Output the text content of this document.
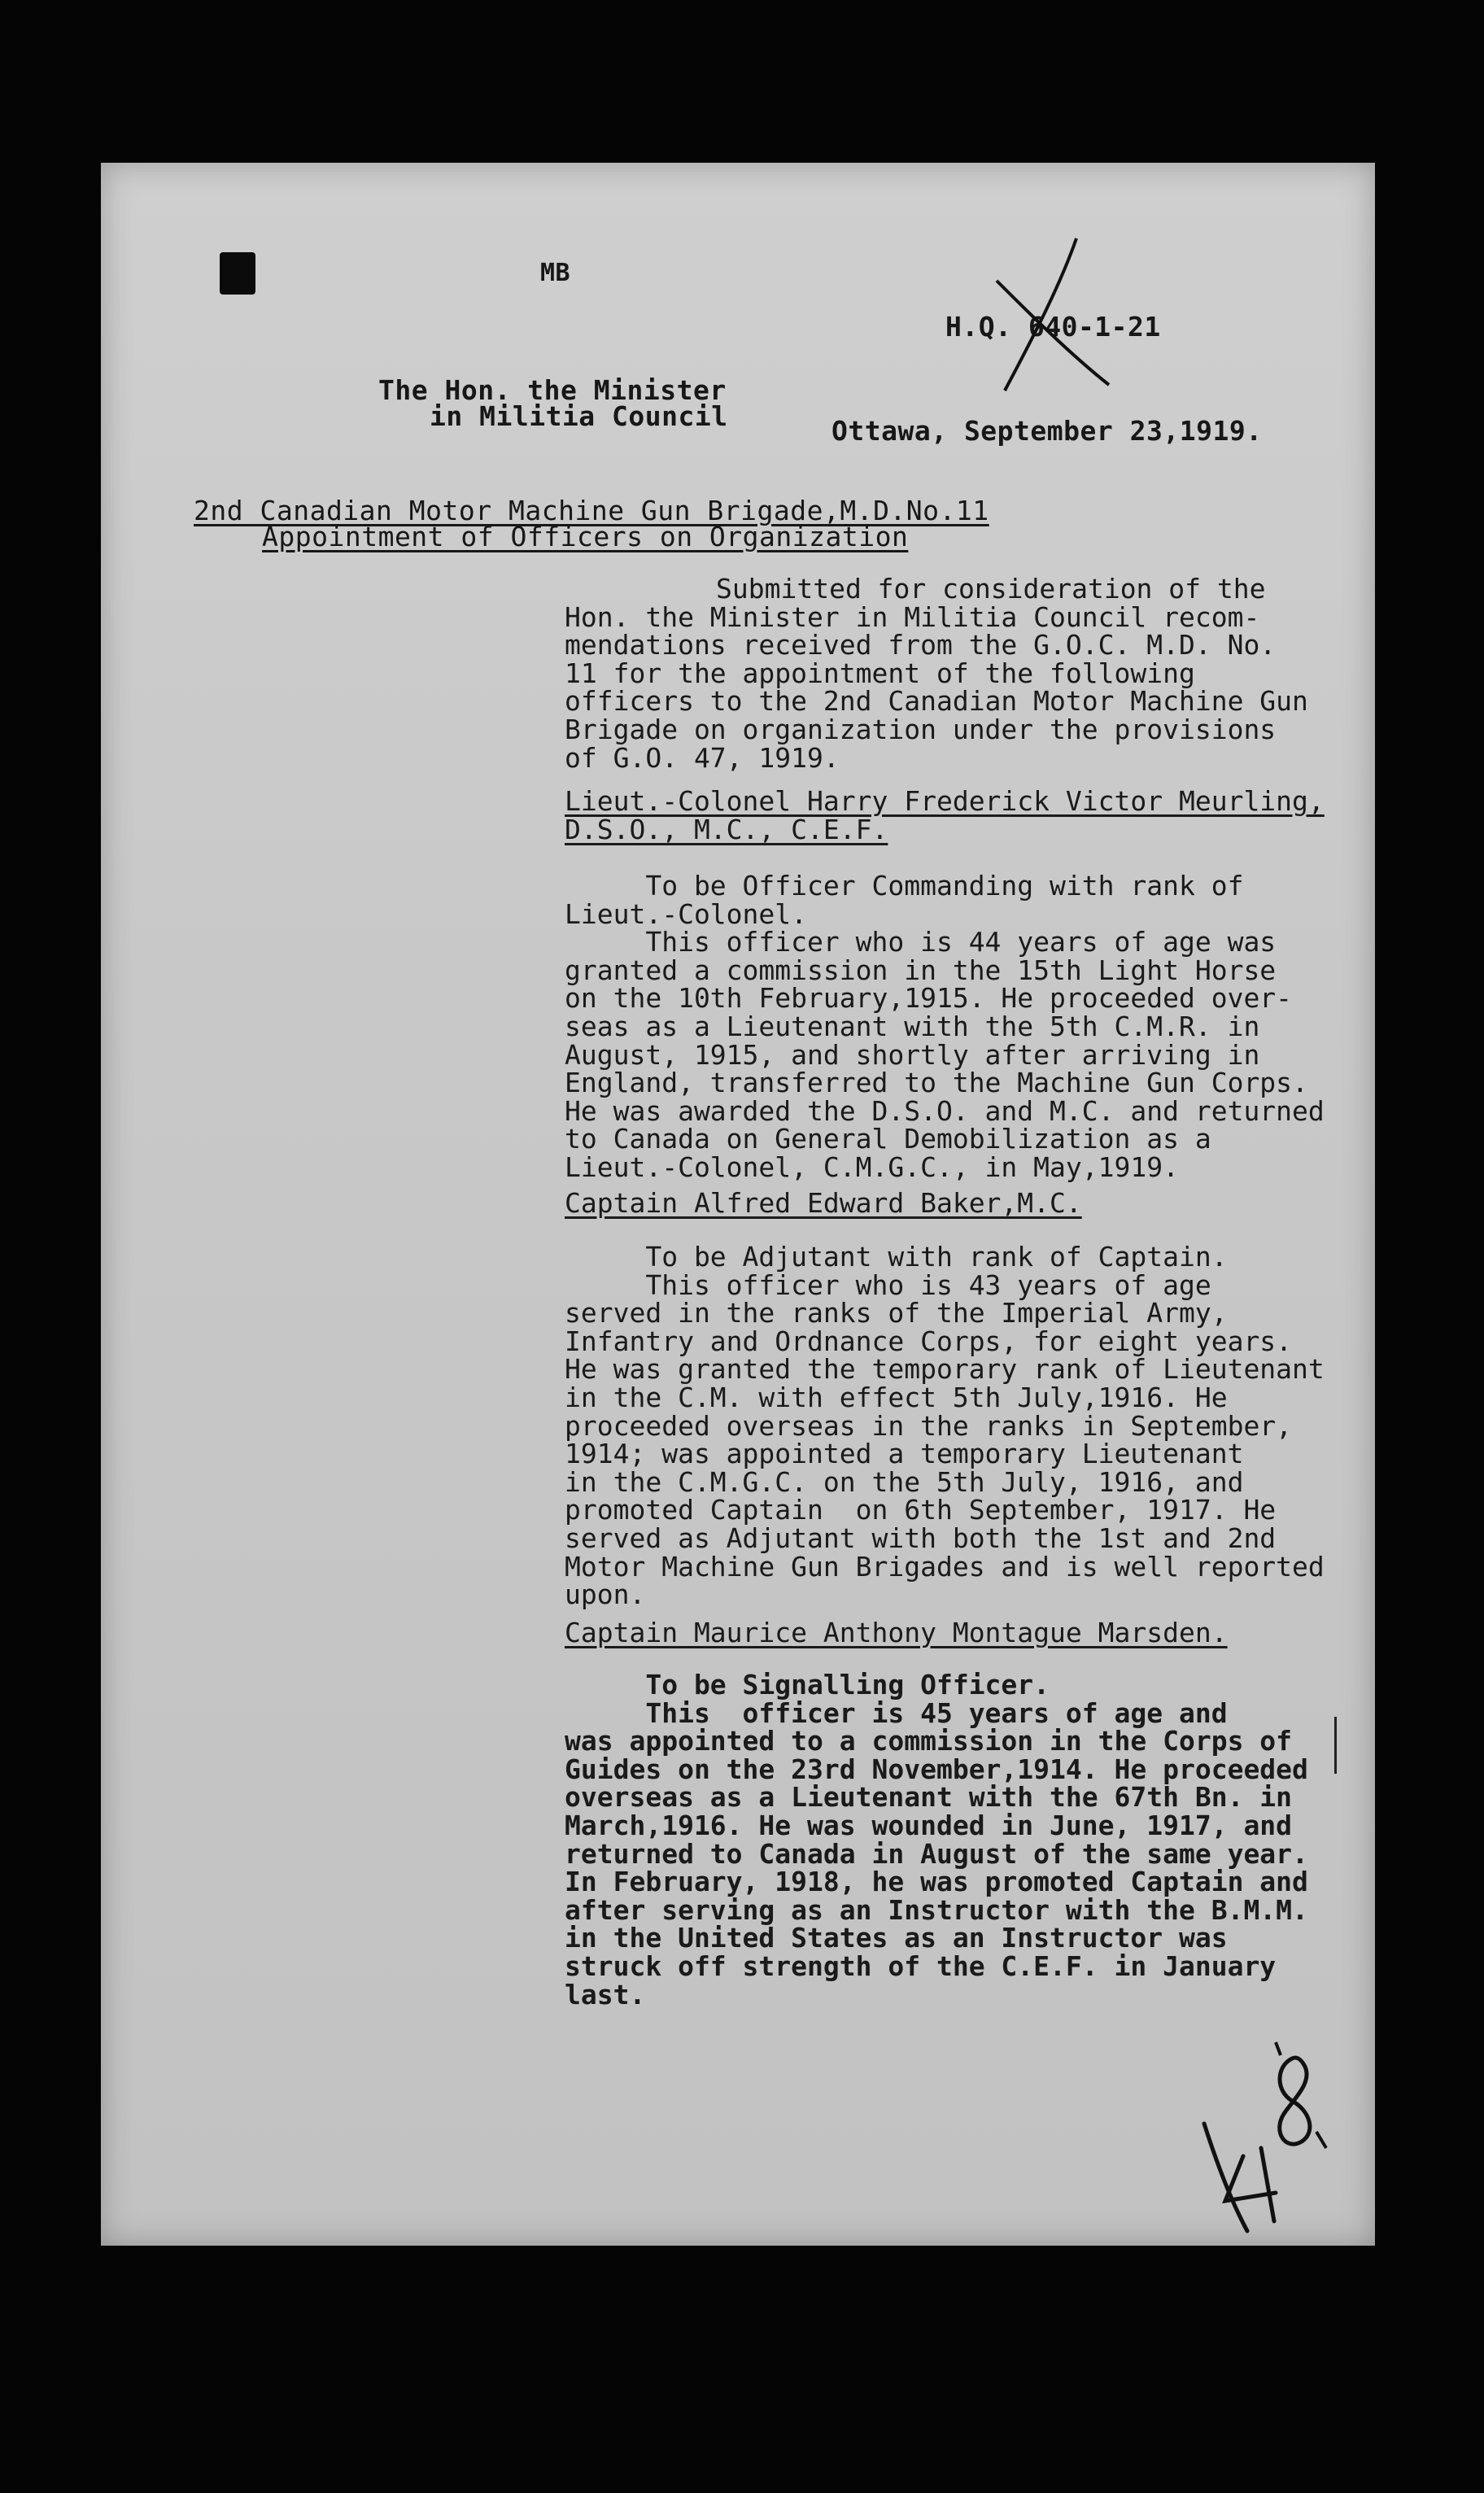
MB
H.Q. 640-1-21
The Hon. the Minister
in Militia Council	Ottawa, September 23,1919.
2nd Canadian Motor Machine Gun Brigade,M.D.No.11
Appointment of Officers on Organization
Submitted for consideration of the
Hon. the Minister in Militia Council recom-
mendations received from the G.O.C. M.D. No.
11 for the appointment of the following
officers to the 2nd Canadian Motor Machine Gun
Brigade on organization under the provisions
of G.O. 47, 1919.
Lieut.-Colonel Harry Frederick Victor Meurling,
D.S.O., M.C., C.E.F.
To be Officer Commanding with rank of
Lieut.-Colonel.
This officer who is 44 years of age was
granted a commission in the 15th Light Horse
on the 10th February,1915. He proceeded over-
seas as a Lieutenant with the 5th C.M.R. in
August, 1915, and shortly after arriving in
England, transferred to the Machine Gun Corps.
He was awarded the D.S.O. and M.C. and returned
to Canada on General Demobilization as a
Lieut.-Colonel, C.M.G.C., in May,1919.
Captain Alfred Edward Baker,M.C.
To be Adjutant with rank of Captain.
This officer who is 43 years of age
served in the ranks of the Imperial Army,
Infantry and Ordnance Corps, for eight years.
He was granted the temporary rank of Lieutenant
in the C.M. with effect 5th July,1916. He
proceeded overseas in the ranks in September,
1914; was appointed a temporary Lieutenant
in the C.M.G.C. on the 5th July, 1916, and
promoted Captain  on 6th September, 1917. He
served as Adjutant with both the 1st and 2nd
Motor Machine Gun Brigades and is well reported
upon.
Captain Maurice Anthony Montague Marsden.
To be Signalling Officer.
This  officer is 45 years of age and
was appointed to a commission in the Corps of
Guides on the 23rd November,1914. He proceeded
overseas as a Lieutenant with the 67th Bn. in
March,1916. He was wounded in June, 1917, and
returned to Canada in August of the same year.
In February, 1918, he was promoted Captain and
after serving as an Instructor with the B.M.M.
in the United States as an Instructor was
struck off strength of the C.E.F. in January
last.
